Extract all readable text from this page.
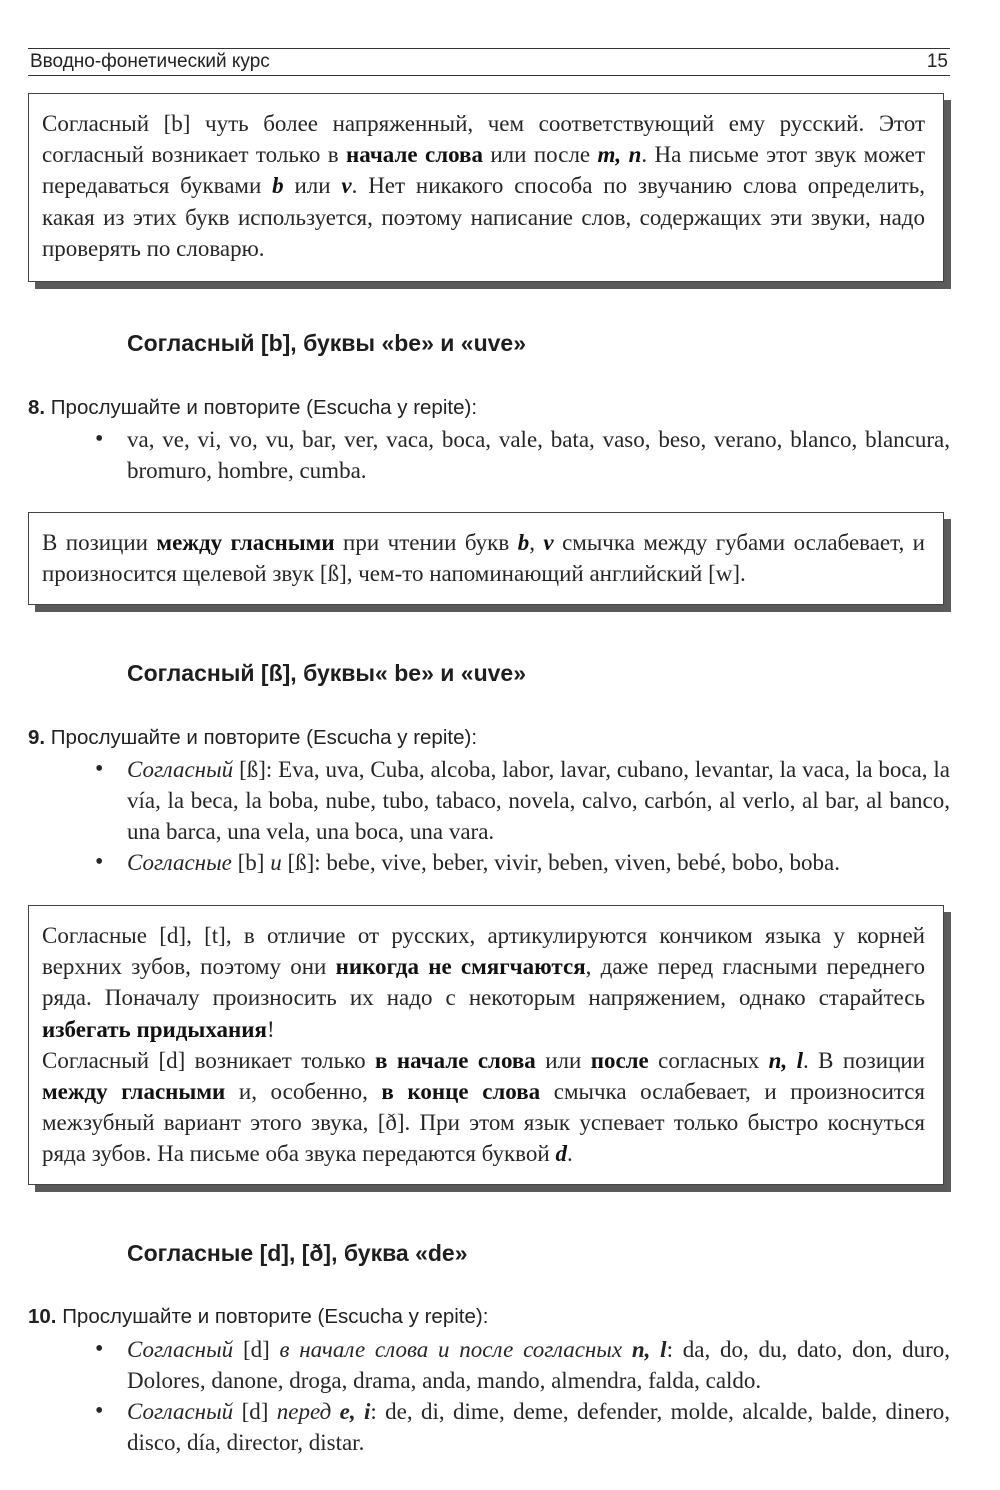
Вводно-фонетический курс	15

Согласный [b] чуть более напряженный, чем соответствующий ему русский. Этот согласный возникает только в начале слова или после m, n. На письме этот звук может передаваться буквами b или v. Нет никакого способа по звучанию слова определить, какая из этих букв используется, поэтому написание слов, содержащих эти звуки, надо проверять по словарю.

Согласный [b], буквы «be» и «uve»
8. Прослушайте и повторите (Escucha y repite):
• va, ve, vi, vo, vu, bar, ver, vaca, boca, vale, bata, vaso, beso, verano, blanco, blancura, bromuro, hombre, cumba.

В позиции между гласными при чтении букв b, v смычка между губами ослабевает, и произносится щелевой звук [ß], чем-то напоминающий английский [w].

Согласный [ß], буквы« be» и «uve»
9. Прослушайте и повторите (Escucha y repite):
• Согласный [ß]: Eva, uva, Cuba, alcoba, labor, lavar, cubano, levantar, la vaca, la boca, la vía, la beca, la boba, nube, tubo, tabaco, novela, calvo, carbón, al verlo, al bar, al banco, una barca, una vela, una boca, una vara.
• Согласные [b] и [ß]: bebe, vive, beber, vivir, beben, viven, bebé, bobo, boba.

Согласные [d], [t], в отличие от русских, артикулируются кончиком языка у корней верхних зубов, поэтому они никогда не смягчаются, даже перед гласными переднего ряда. Поначалу произносить их надо с некоторым напряжением, однако старайтесь избегать придыхания!

Согласный [d] возникает только в начале слова или после согласных n, l. В позиции между гласными и, особенно, в конце слова смычка ослабевает, и произносится межзубный вариант этого звука, [ð]. При этом язык успевает только быстро коснуться ряда зубов. На письме оба звука передаются буквой d.

Согласные [d], [ð], буква «de»
10. Прослушайте и повторите (Escucha y repite):
• Согласный [d] в начале слова и после согласных n, l: da, do, du, dato, don, duro, Dolores, danone, droga, drama, anda, mando, almendra, falda, caldo.
• Согласный [d] перед e, i: de, di, dime, deme, defender, molde, alcalde, balde, dinero, disco, día, director, distar.
